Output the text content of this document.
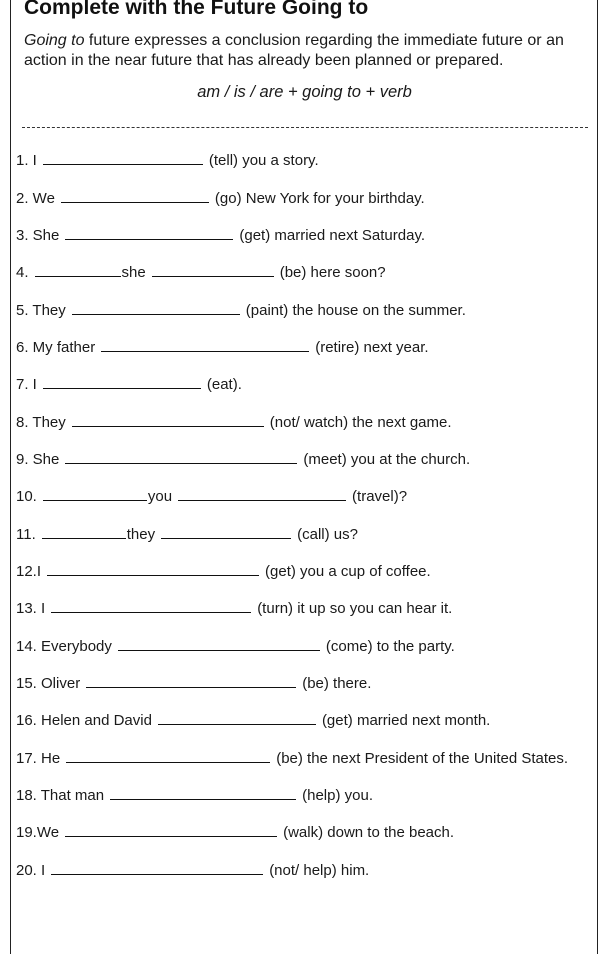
Complete with the Future Going to

Going to future expresses a conclusion regarding the immediate future or an action in the near future that has already been planned or prepared.

am / is / are + going to + verb
1. I	(tell) you a story.
2. We	(go) New York for your birthday.
3. She	(get) married next Saturday.
4.	she	(be) here soon?
5. They	(paint) the house on the summer.
6. My father	(retire) next year.
7. I	(eat).
8. They	(not/ watch) the next game.
9. She	(meet) you at the church.
10.	you	(travel)?
11.	they	(call) us?
12.I	(get) you a cup of coffee.
13. I	(turn) it up so you can hear it.
14. Everybody	(come) to the party.
15. Oliver	(be) there.
16. Helen and David	(get) married next month.
17. He	(be) the next President of the United States.
18. That man	(help) you.
19.We	(walk) down to the beach.
20. I	(not/ help) him.
